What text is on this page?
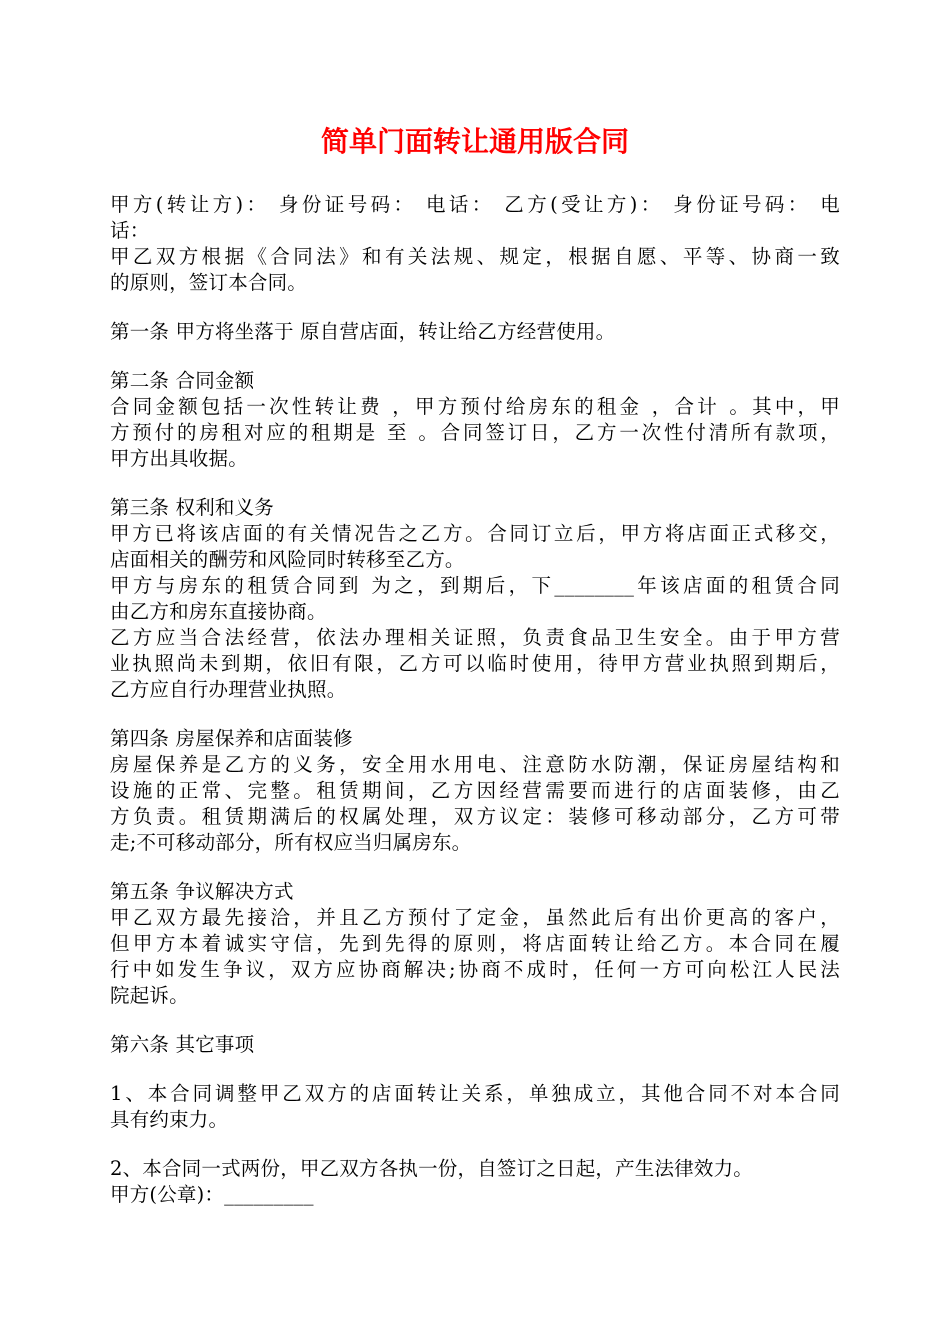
简单门面转让通用版合同
甲方(转让方)： 身份证号码： 电话： 乙方(受让方)： 身份证号码： 电
话：
甲乙双方根据《合同法》和有关法规、规定，根据自愿、平等、协商一致
的原则，签订本合同。
第一条 甲方将坐落于 原自营店面，转让给乙方经营使用。
第二条 合同金额
合同金额包括一次性转让费 ，甲方预付给房东的租金 ，合计 。其中，甲
方预付的房租对应的租期是 至 。合同签订日，乙方一次性付清所有款项，
甲方出具收据。
第三条 权利和义务
甲方已将该店面的有关情况告之乙方。合同订立后，甲方将店面正式移交，
店面相关的酬劳和风险同时转移至乙方。
甲方与房东的租赁合同到 为之，到期后，下________年该店面的租赁合同
由乙方和房东直接协商。
乙方应当合法经营，依法办理相关证照，负责食品卫生安全。由于甲方营
业执照尚未到期，依旧有限，乙方可以临时使用，待甲方营业执照到期后，
乙方应自行办理营业执照。
第四条 房屋保养和店面装修
房屋保养是乙方的义务，安全用水用电、注意防水防潮，保证房屋结构和
设施的正常、完整。租赁期间，乙方因经营需要而进行的店面装修，由乙
方负责。租赁期满后的权属处理，双方议定：装修可移动部分，乙方可带
走;不可移动部分，所有权应当归属房东。
第五条 争议解决方式
甲乙双方最先接洽，并且乙方预付了定金，虽然此后有出价更高的客户，
但甲方本着诚实守信，先到先得的原则，将店面转让给乙方。本合同在履
行中如发生争议，双方应协商解决;协商不成时，任何一方可向松江人民法
院起诉。
第六条 其它事项
1、本合同调整甲乙双方的店面转让关系，单独成立，其他合同不对本合同
具有约束力。
2、本合同一式两份，甲乙双方各执一份，自签订之日起，产生法律效力。
甲方(公章)：_________
